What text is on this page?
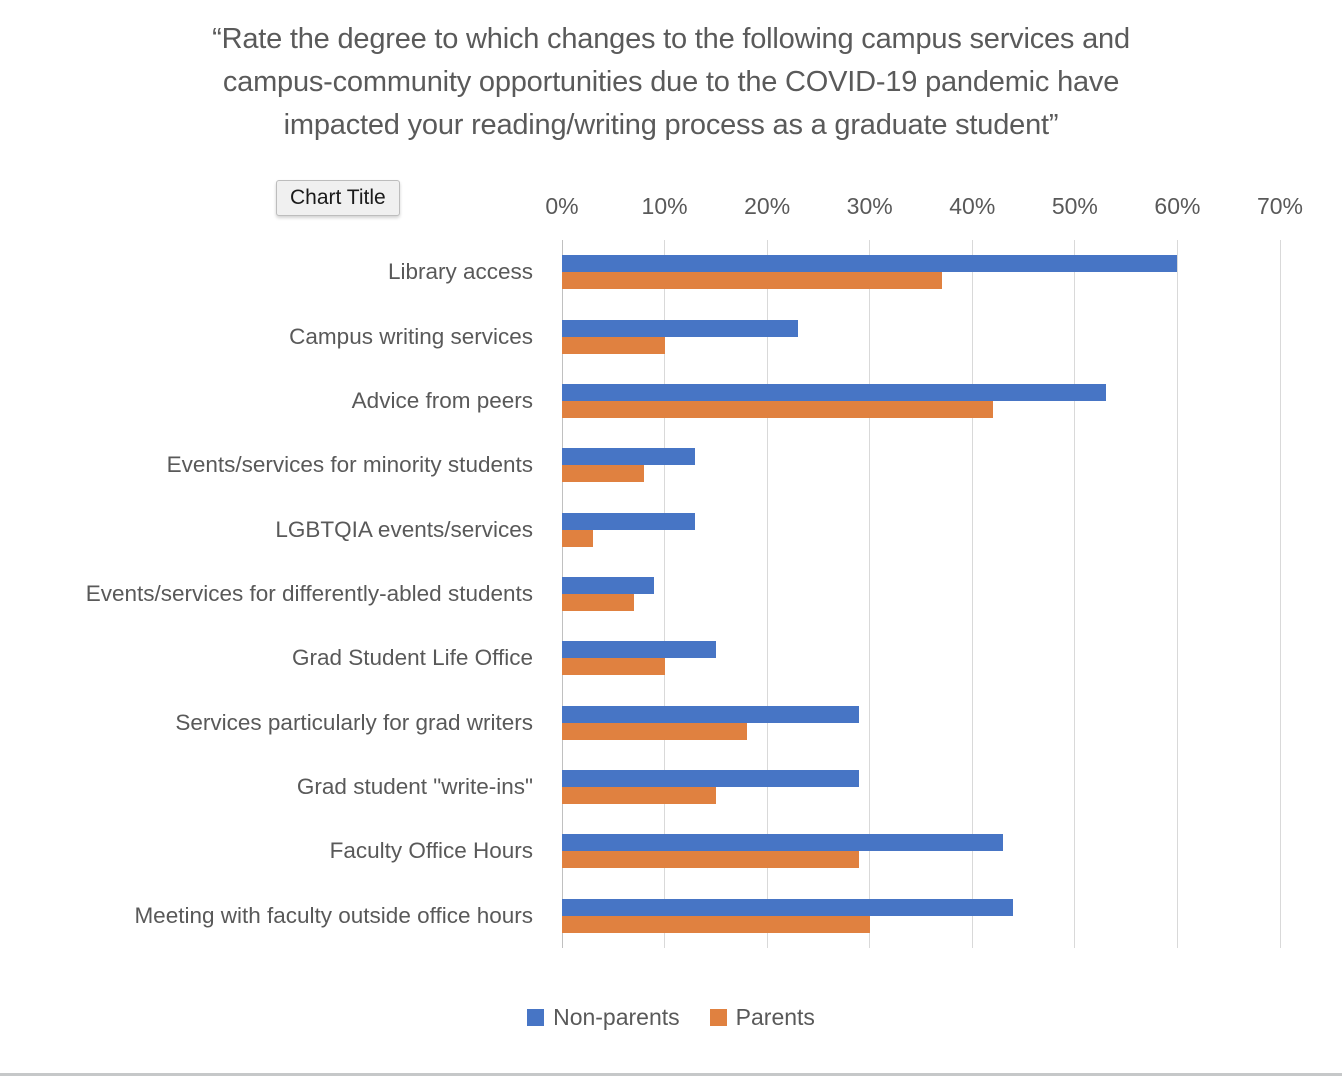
“Rate the degree to which changes to the following campus services and
campus-community opportunities due to the COVID-19 pandemic have
impacted your reading/writing process as a graduate student”
Chart Title	0%	10% 20% 30% 40% 50% 60% 70%
Library access
Campus writing services
Advice from peers
Events/services for minority students
LGBTQIA events/services
Events/services for differently-abled students
Grad Student Life Office
Services particularly for grad writers
Grad student "write-ins"
Faculty Office Hours
Meeting with faculty outside office hours
Non-parents Parents
